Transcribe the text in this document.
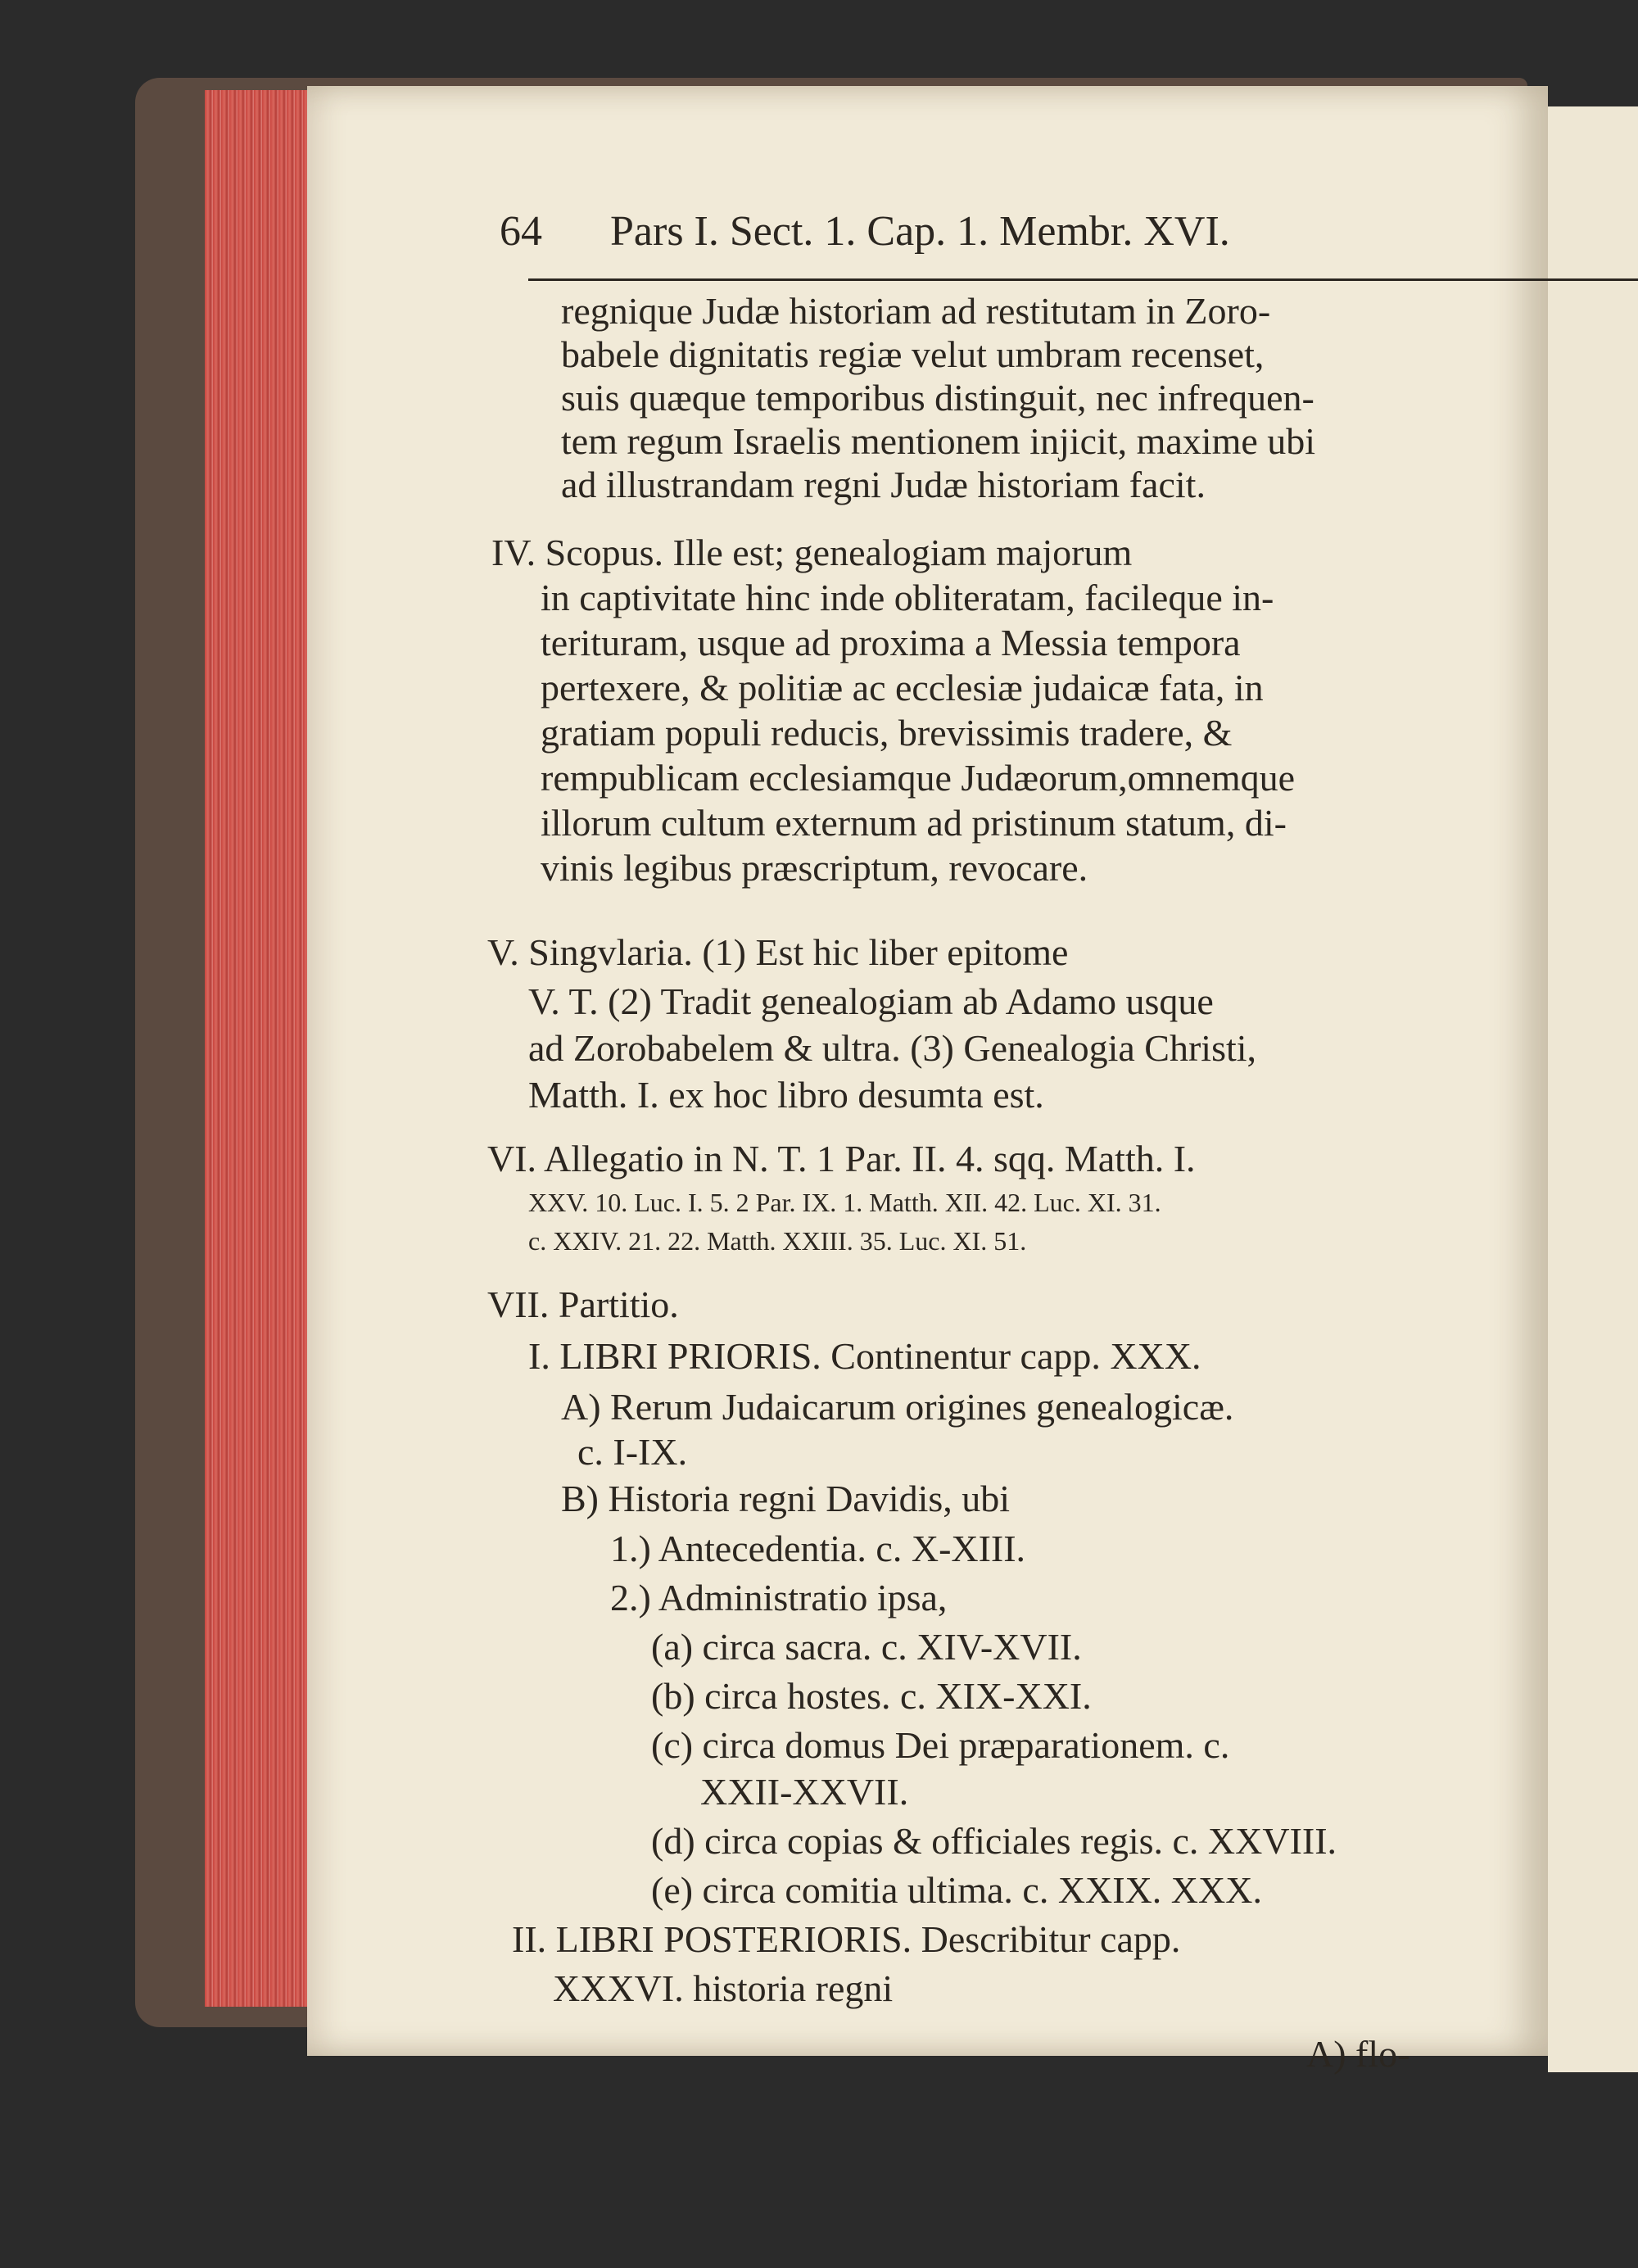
64 Pars I. Sect. 1. Cap. 1. Membr. XVI.
regnique Judæ historiam ad restitutam in Zoro-
babele dignitatis regiæ velut umbram recenset,
suis quæque temporibus distinguit, nec infrequen-
tem regum Israelis mentionem injicit, maxime ubi
ad illustrandam regni Judæ historiam facit.
IV. Scopus. Ille est; genealogiam majorum
in captivitate hinc inde obliteratam, facileque in-
terituram, usque ad proxima a Messia tempora
pertexere, & politiæ ac ecclesiæ judaicæ fata, in
gratiam populi reducis, brevissimis tradere, &
rempublicam ecclesiamque Judæorum,omnemque
illorum cultum externum ad pristinum statum, di-
vinis legibus præscriptum, revocare.
V. Singvlaria. (1) Est hic liber epitome
V. T. (2) Tradit genealogiam ab Adamo usque
ad Zorobabelem & ultra. (3) Genealogia Christi,
Matth. I. ex hoc libro desumta est.
VI. Allegatio in N. T. 1 Par. II. 4. sqq. Matth. I.
XXV. 10. Luc. I. 5. 2 Par. IX. 1. Matth. XII. 42. Luc. XI. 31.
c. XXIV. 21. 22. Matth. XXIII. 35. Luc. XI. 51.
VII. Partitio.
I. LIBRI PRIORIS. Continentur capp. XXX.
A) Rerum Judaicarum origines genealogicæ.
c. I-IX.
B) Historia regni Davidis, ubi
1.) Antecedentia. c. X-XIII.
2.) Administratio ipsa,
(a) circa sacra. c. XIV-XVII.
(b) circa hostes. c. XIX-XXI.
(c) circa domus Dei præparationem. c.
XXII-XXVII.
(d) circa copias & officiales regis. c. XXVIII.
(e) circa comitia ultima. c. XXIX. XXX.
II. LIBRI POSTERIORIS. Describitur capp.
XXXVI. historia regni
A) flo-
